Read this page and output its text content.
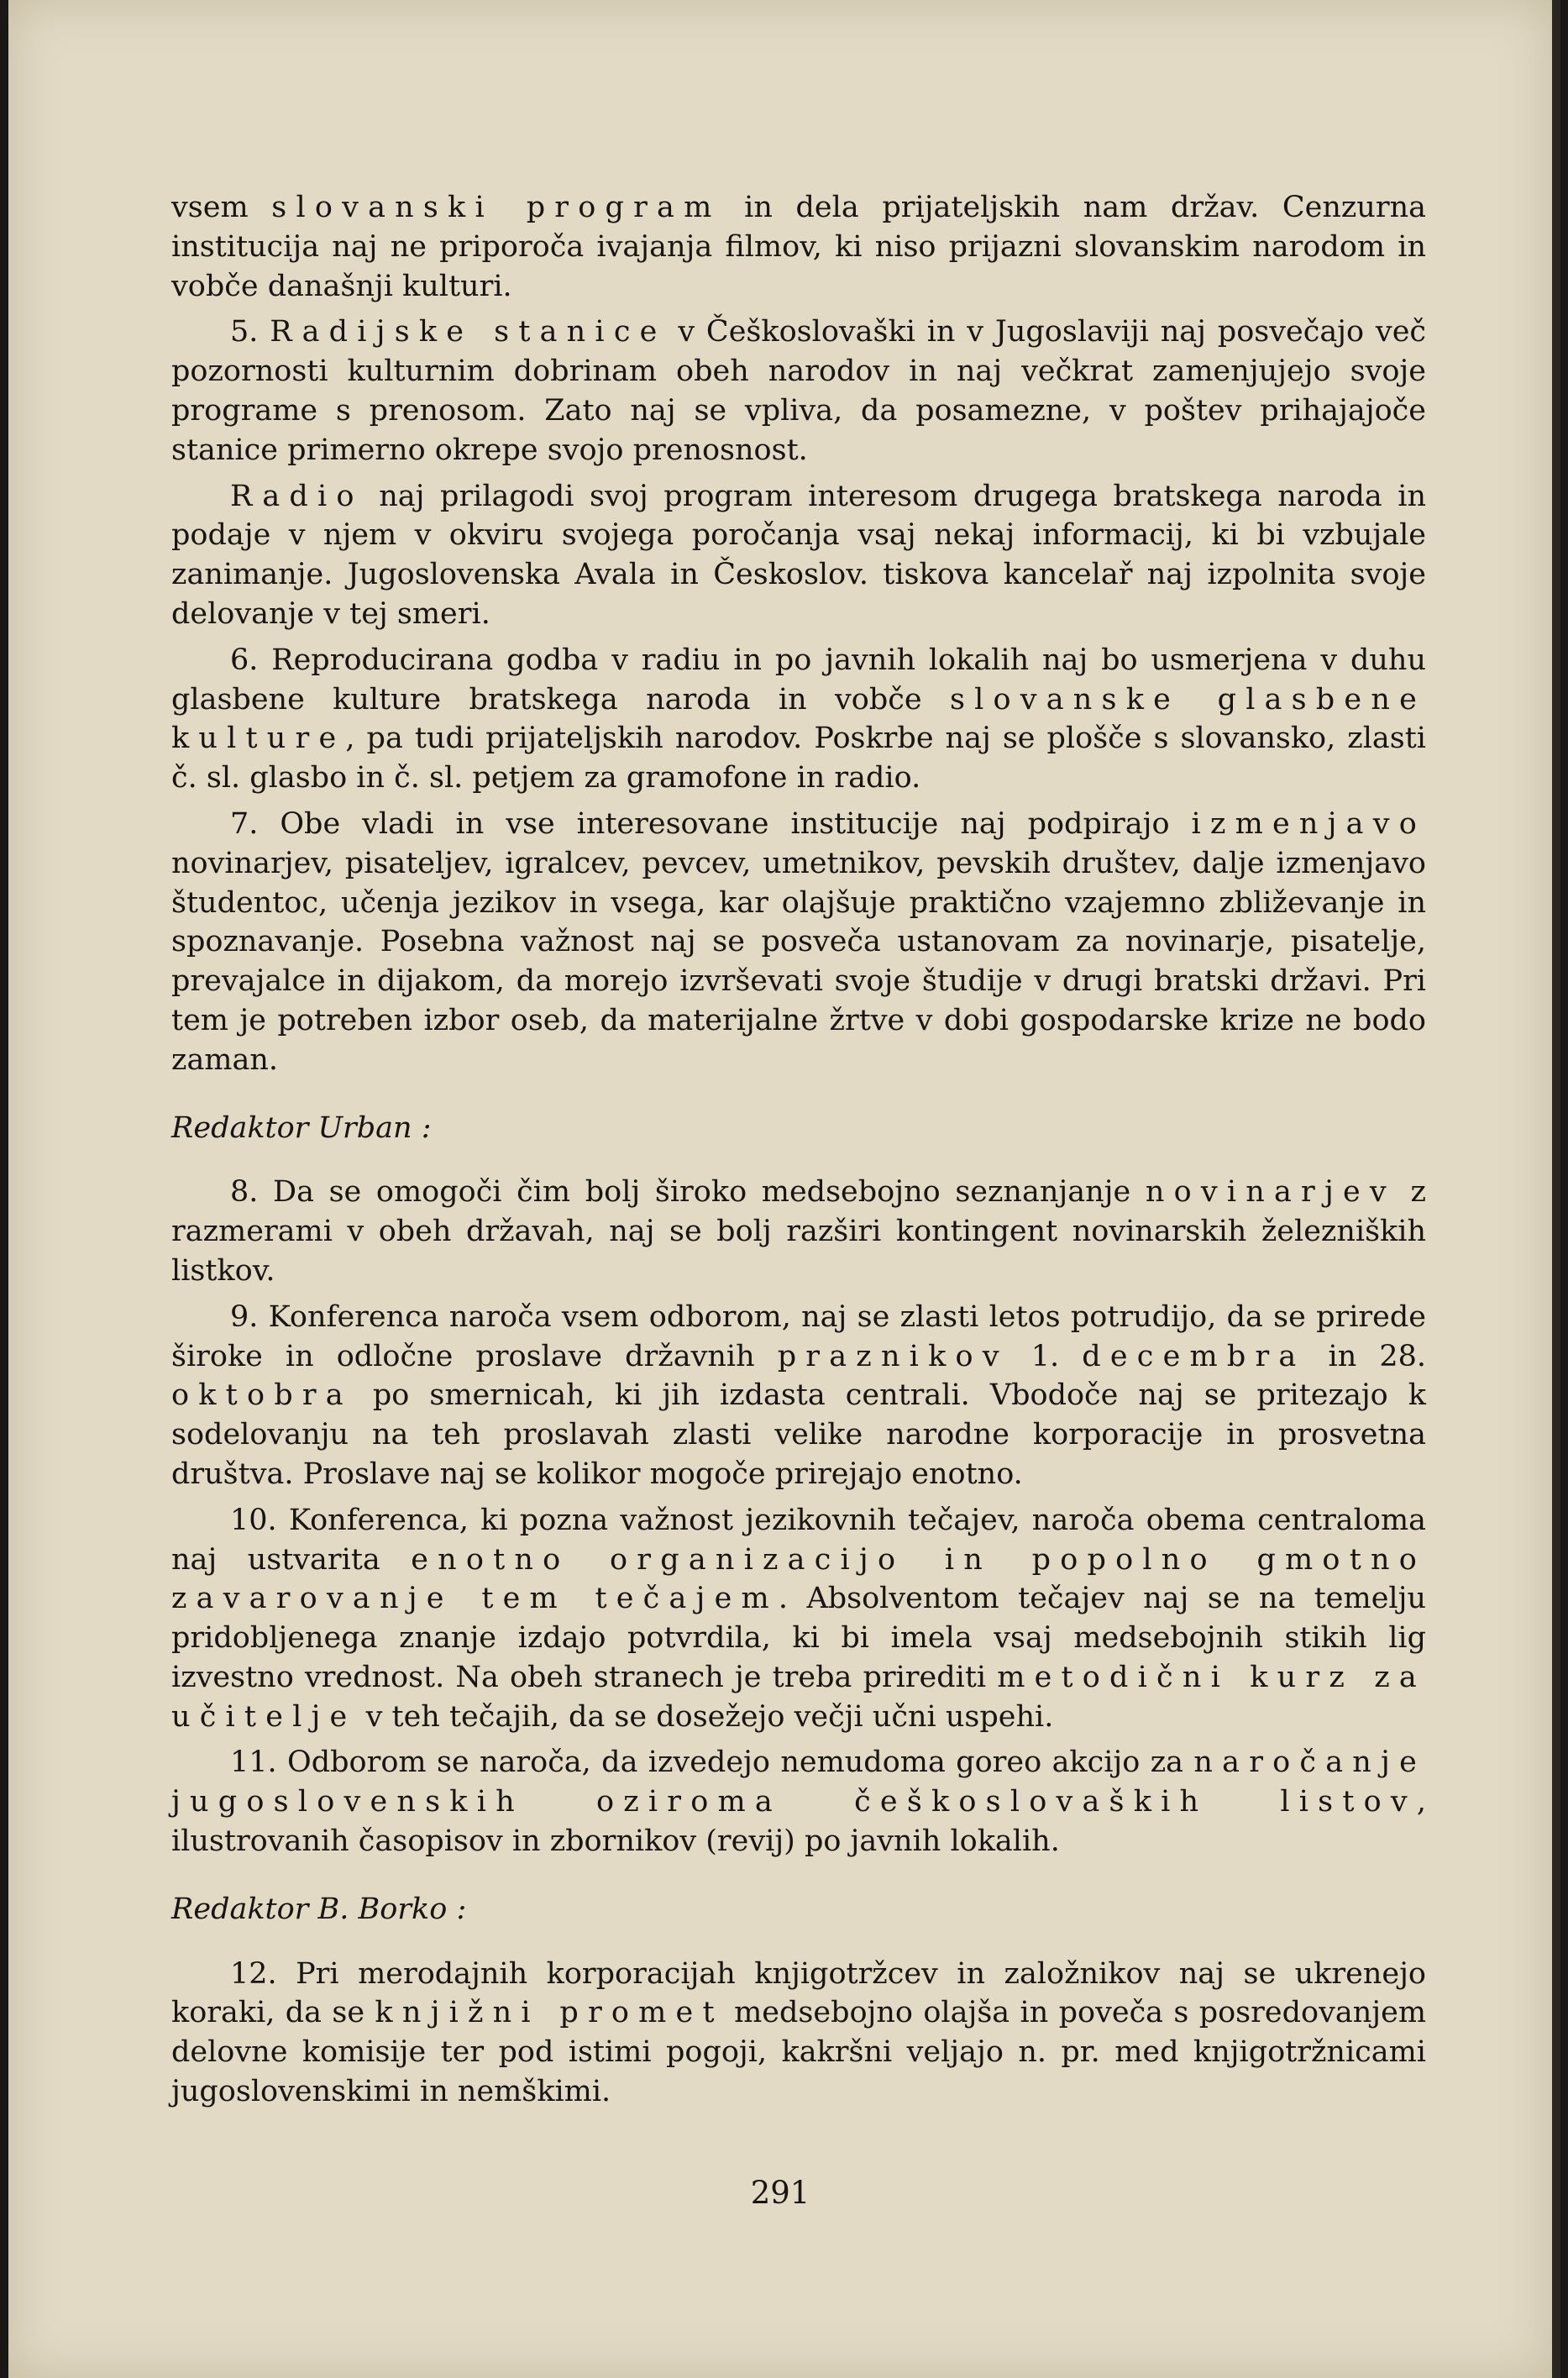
vsem slovanski program in dela prijateljskih nam držav. Cenzurna institucija naj ne priporoča ivajanja filmov, ki niso prijazni slovanskim narodom in vobče današnji kulturi.

5. Radijske stanice v Češkoslovaški in v Jugoslaviji naj posvečajo več pozornosti kulturnim dobrinam obeh narodov in naj večkrat zamenjujejo svoje programe s prenosom. Zato naj se vpliva, da posamezne, v poštev prihajajoče stanice primerno okrepe svojo prenosnost.

Radio naj prilagodi svoj program interesom drugega bratskega naroda in podaje v njem v okviru svojega poročanja vsaj nekaj informacij, ki bi vzbujale zanimanje. Jugoslovenska Avala in Českoslov. tiskova kancelař naj izpolnita svoje delovanje v tej smeri.

6. Reproducirana godba v radiu in po javnih lokalih naj bo usmerjena v duhu glasbene kulture bratskega naroda in vobče slovanske glasbene kulture, pa tudi prijateljskih narodov. Poskrbe naj se plošče s slovansko, zlasti č. sl. glasbo in č. sl. petjem za gramofone in radio.

7. Obe vladi in vse interesovane institucije naj podpirajo izmenjavo novinarjev, pisateljev, igralcev, pevcev, umetnikov, pevskih društev, dalje izmenjavo študentoc, učenja jezikov in vsega, kar olajšuje praktično vzajemno zbliževanje in spoznavanje. Posebna važnost naj se posveča ustanovam za novinarje, pisatelje, prevajalce in dijakom, da morejo izvrševati svoje študije v drugi bratski državi. Pri tem je potreben izbor oseb, da materijalne žrtve v dobi gospodarske krize ne bodo zaman.

Redaktor Urban :

8. Da se omogoči čim bolj široko medsebojno seznanjanje novinarjev z razmerami v obeh državah, naj se bolj razširi kontingent novinarskih železniških listkov.

9. Konferenca naroča vsem odborom, naj se zlasti letos potrudijo, da se priredе široke in odločne proslave državnih praznikov 1. decembra in 28. oktobra po smernicah, ki jih izdasta centrali. Vbodoče naj se pritezajo k sodelovanju na teh proslavah zlasti velike narodne korporacije in prosvetna društva. Proslave naj se kolikor mogoče prirejajo enotno.

10. Konferenca, ki pozna važnost jezikovnih tečajev, naroča obema centraloma naj ustvarita enotno organizacijo in popolno gmotno zavarovanje tem tečajem. Absolventom tečajev naj se na temelju pridobljenega znanje izdajo potvrdila, ki bi imela vsaj medsebojnih stikih lig izvestno vrednost. Na obeh stranech je treba prirediti metodični kurz za učitelje v teh tečajih, da se dosežejo večji učni uspehi.

11. Odborom se naroča, da izvedejo nemudoma goreo akcijo za naročanje jugoslovenskih oziroma češkoslovaških listov, ilustrovanih časopisov in zbornikov (revij) po javnih lokalih.

Redaktor B. Borko :

12. Pri merodajnih korporacijah knjigotržcev in založnikov naj se ukrenejo koraki, da se knjižni promet medsebojno olajša in poveča s posredovanjem delovne komisije ter pod istimi pogoji, kakršni veljajo n. pr. med knjigotržnicami jugoslovenskimi in nemškimi.

291
